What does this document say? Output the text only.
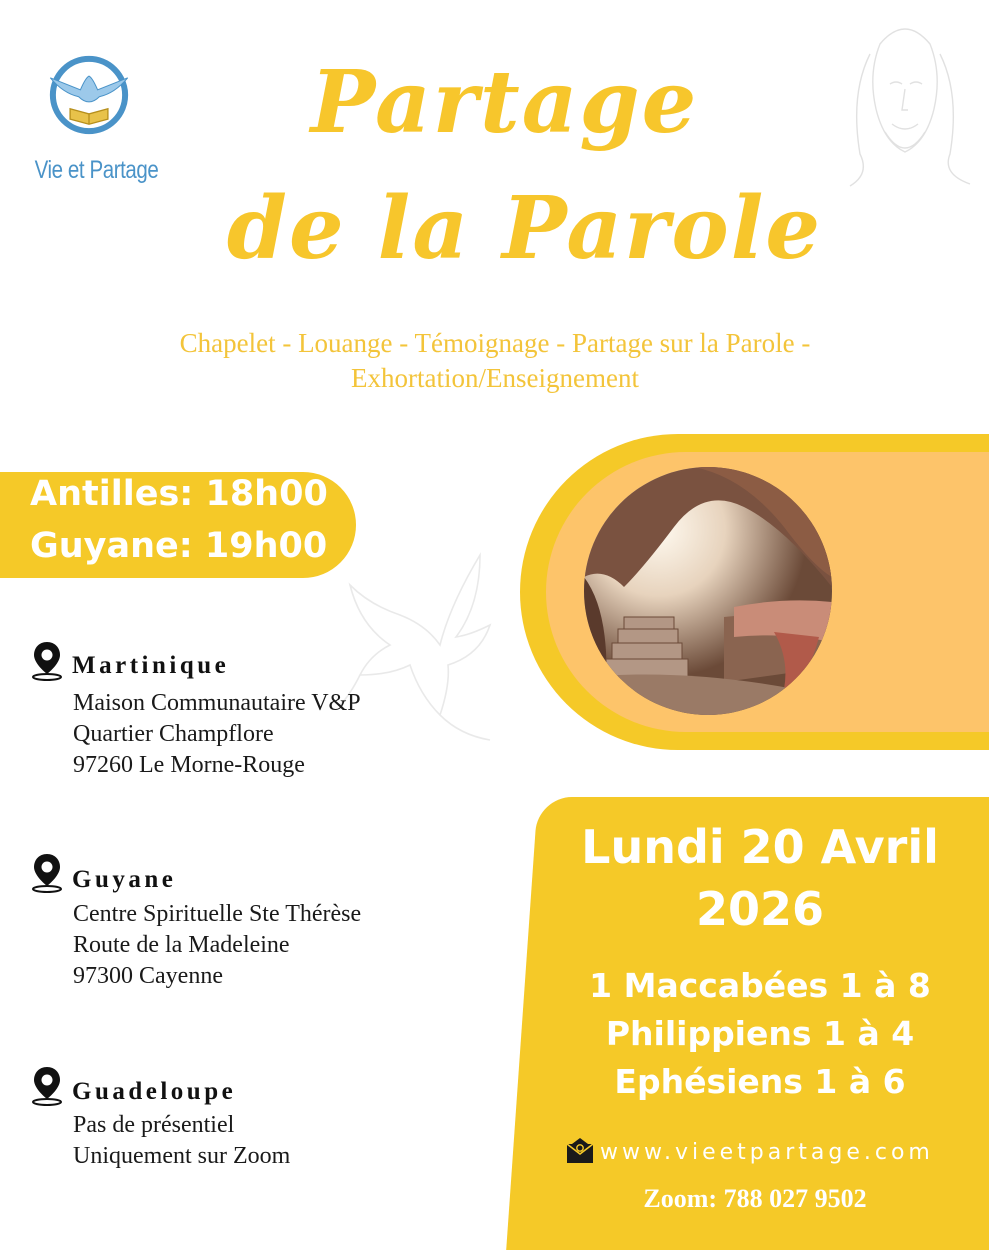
Vie et Partage
Partage
de la Parole
Chapelet - Louange - Témoignage - Partage sur la Parole -
Exhortation/Enseignement
Antilles: 18h00
Guyane: 19h00
Martinique
Maison Communautaire V&P
Quartier Champflore
97260 Le Morne-Rouge
Guyane
Centre Spirituelle Ste Thérèse
Route de la Madeleine
97300 Cayenne
Guadeloupe
Pas de présentiel
Uniquement sur Zoom
Lundi 20 Avril
2026
1 Maccabées 1 à 8
Philippiens 1 à 4
Ephésiens 1 à 6
www.vieetpartage.com
Zoom: 788 027 9502
